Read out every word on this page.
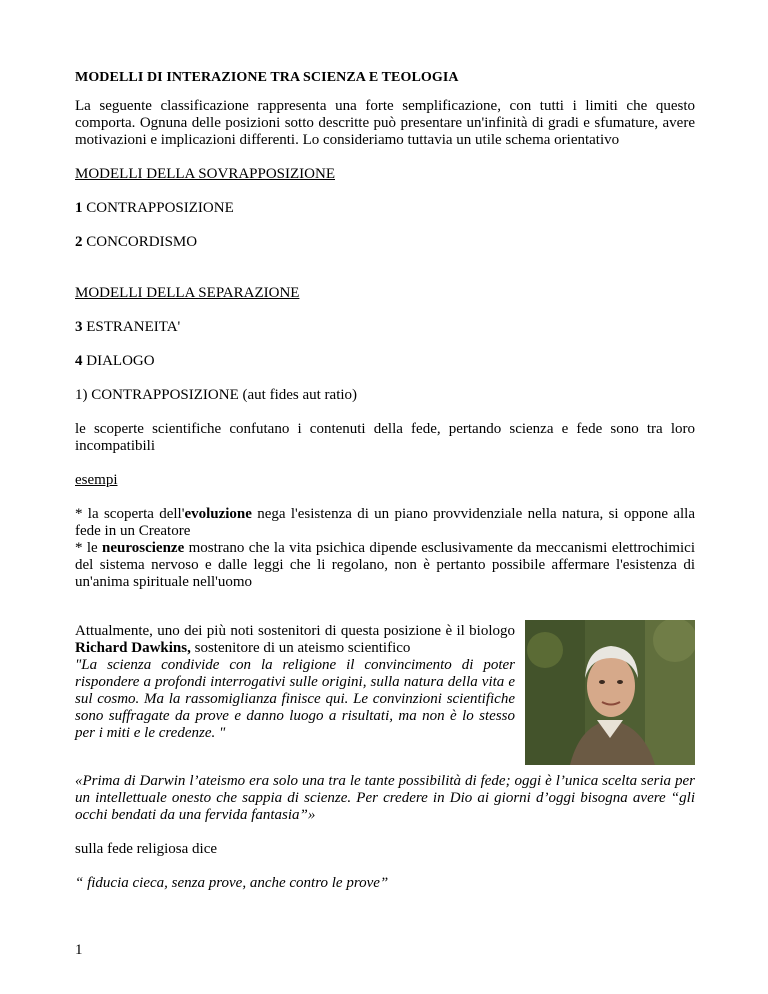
MODELLI DI INTERAZIONE TRA SCIENZA E TEOLOGIA

La seguente classificazione rappresenta una forte semplificazione, con tutti i limiti che questo comporta. Ognuna delle posizioni sotto descritte può presentare un'infinità di gradi e sfumature, avere motivazioni e implicazioni differenti. Lo consideriamo tuttavia un utile schema orientativo

MODELLI DELLA SOVRAPPOSIZIONE

1 CONTRAPPOSIZIONE

2 CONCORDISMO

MODELLI DELLA SEPARAZIONE

3 ESTRANEITA'

4 DIALOGO

1) CONTRAPPOSIZIONE (aut fides aut ratio)

le scoperte scientifiche confutano i contenuti della fede, pertando scienza e fede sono tra loro incompatibili

esempi

* la scoperta dell'evoluzione nega l'esistenza di un piano provvidenziale nella natura, si oppone alla fede in un Creatore

* le neuroscienze mostrano che la vita psichica dipende esclusivamente da meccanismi elettrochimici del sistema nervoso e dalle leggi che li regolano, non è pertanto possibile affermare l'esistenza di un'anima spirituale nell'uomo

Attualmente, uno dei più noti sostenitori di questa posizione è il biologo Richard Dawkins, sostenitore di un ateismo scientifico

"La scienza condivide con la religione il convincimento di poter rispondere a profondi interrogativi sulle origini, sulla natura della vita e sul cosmo. Ma la rassomiglianza finisce qui. Le convinzioni scientifiche sono suffragate da prove e danno luogo a risultati, ma non è lo stesso per i miti e le credenze. "

«Prima di Darwin l’ateismo era solo una tra le tante possibilità di fede; oggi è l’unica scelta seria per un intellettuale onesto che sappia di scienze. Per credere in Dio ai giorni d’oggi bisogna avere “gli occhi bendati da una fervida fantasia”»

sulla fede religiosa dice

“ fiducia cieca, senza prove, anche contro le prove”

1
